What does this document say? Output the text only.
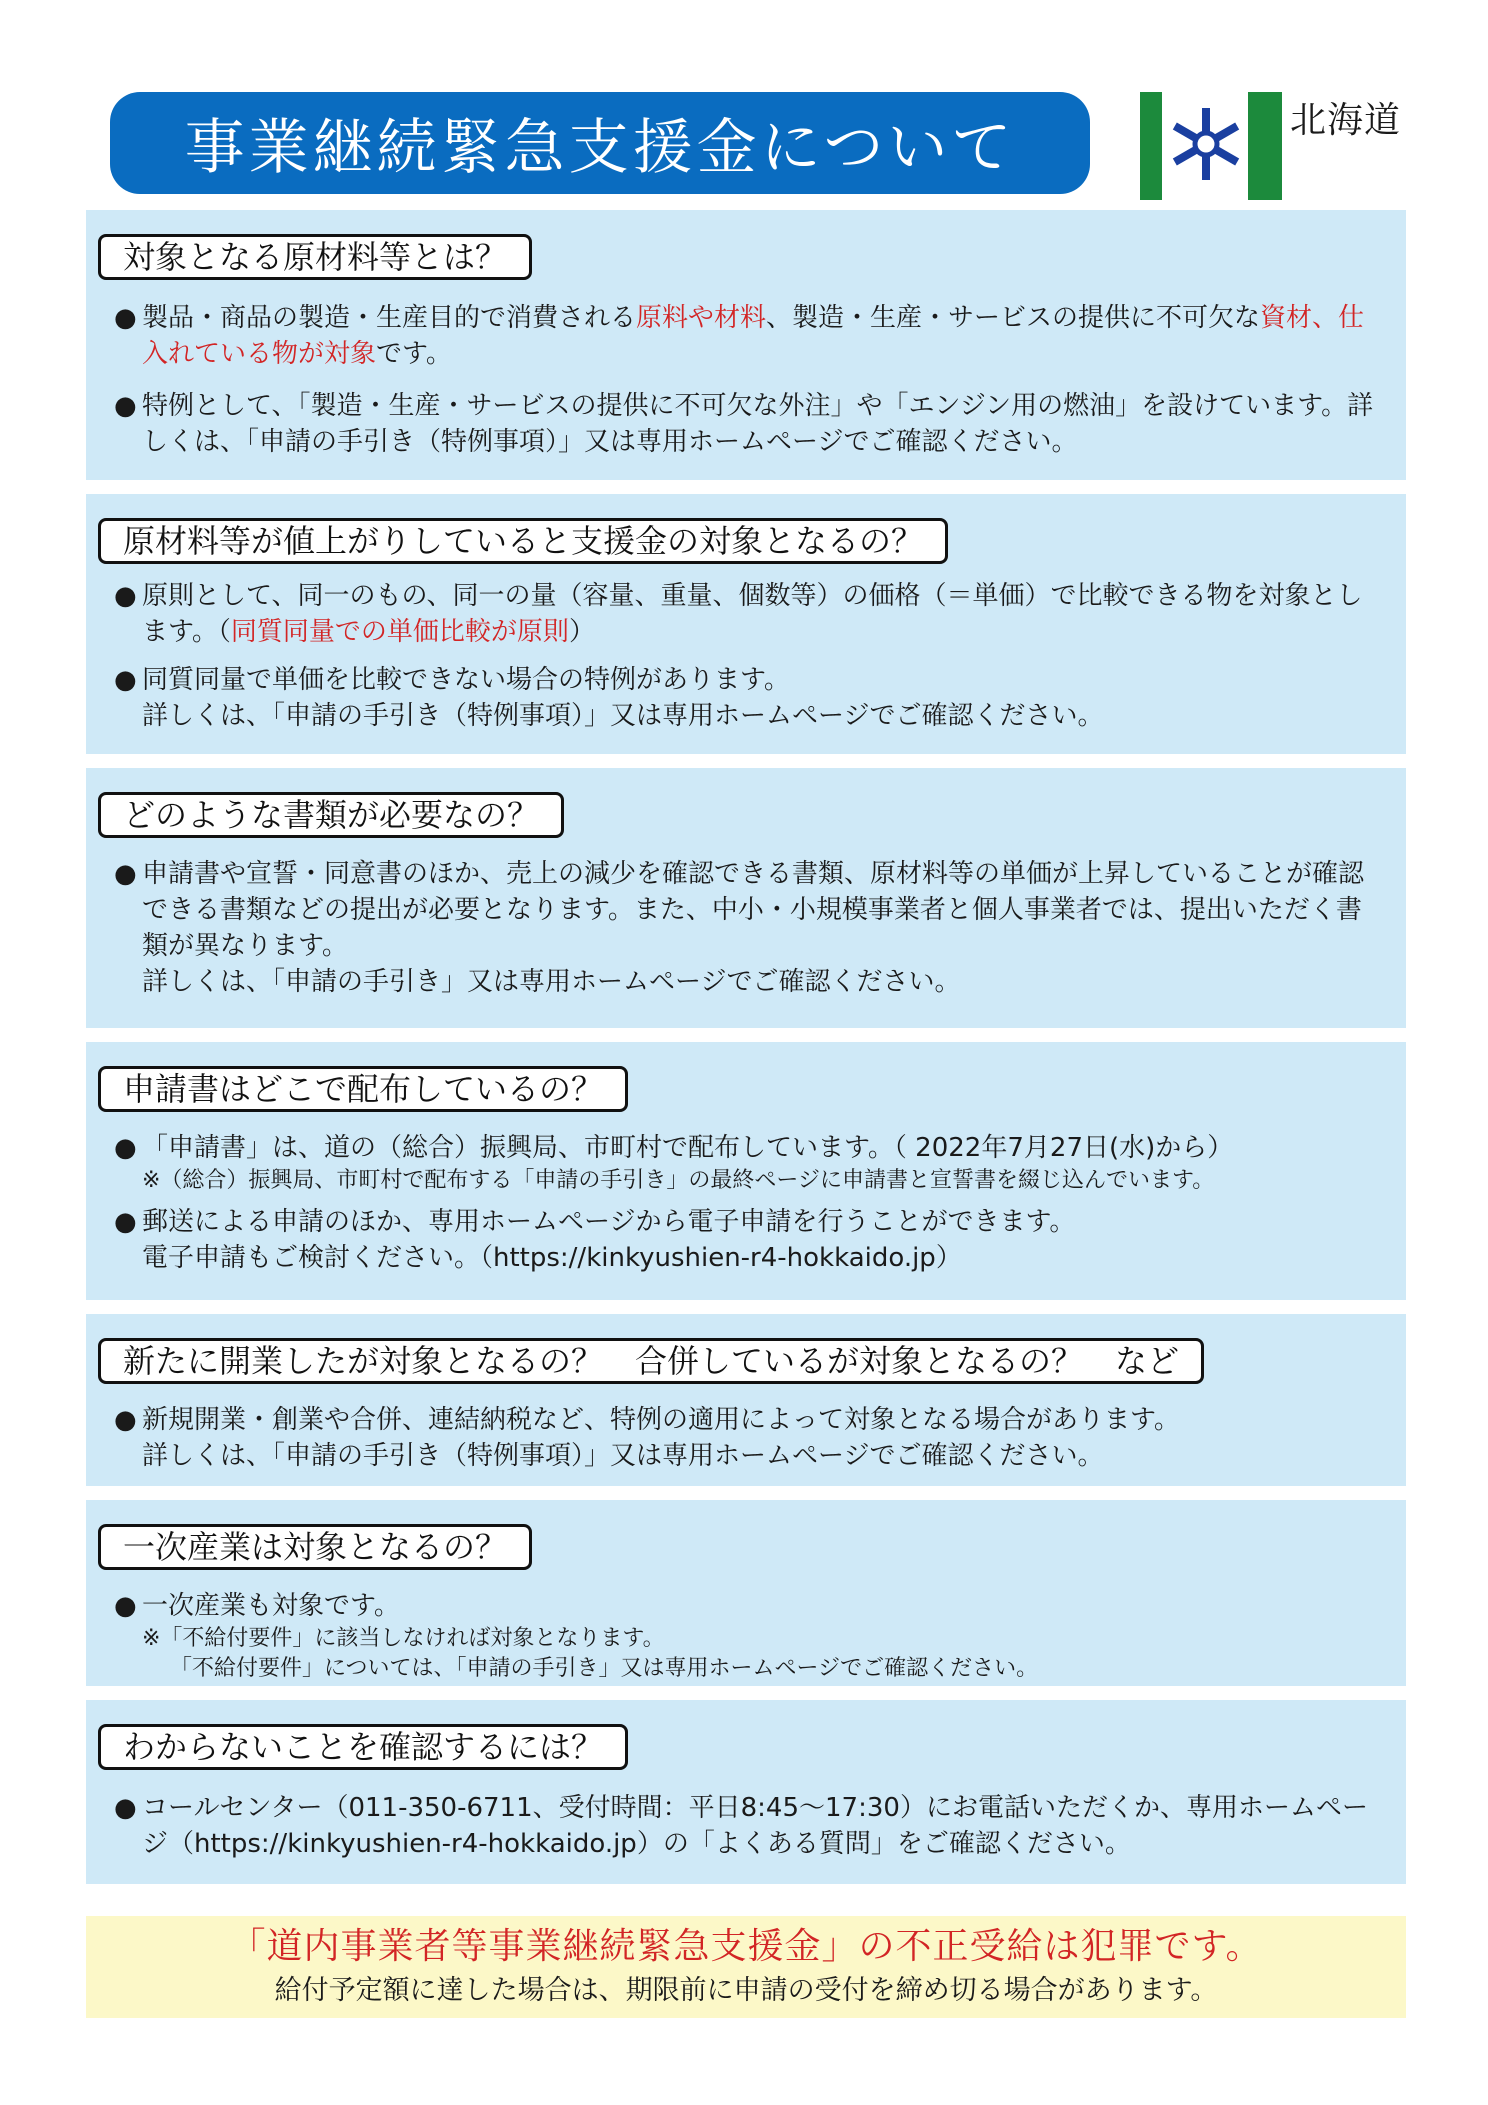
事業継続緊急支援金について	北海道
対象となる原材料等とは？

● 製品・商品の製造・生産目的で消費される原料や材料、製造・生産・サービスの提供に不可欠な資材、仕入れている物が対象です。

● 特例として、「製造・生産・サービスの提供に不可欠な外注」や「エンジン用の燃油」を設けています。詳しくは、「申請の手引き（特例事項）」又は専用ホームページでご確認ください。

原材料等が値上がりしていると支援金の対象となるの？

● 原則として、同一のもの、同一の量（容量、重量、個数等）の価格（＝単価）で比較できる物を対象とします。（同質同量での単価比較が原則）

● 同質同量で単価を比較できない場合の特例があります。
詳しくは、「申請の手引き（特例事項）」又は専用ホームページでご確認ください。

どのような書類が必要なの？

● 申請書や宣誓・同意書のほか、売上の減少を確認できる書類、原材料等の単価が上昇していることが確認できる書類などの提出が必要となります。また、中小・小規模事業者と個人事業者では、提出いただく書類が異なります。
詳しくは、「申請の手引き」又は専用ホームページでご確認ください。

申請書はどこで配布しているの？

● 「申請書」は、道の（総合）振興局、市町村で配布しています。（ 2022年7月27日(水)から）

※（総合）振興局、市町村で配布する「申請の手引き」の最終ページに申請書と宣誓書を綴じ込んでいます。

● 郵送による申請のほか、専用ホームページから電子申請を行うことができます。
電子申請もご検討ください。（https://kinkyushien-r4-hokkaido.jp）

新たに開業したが対象となるの？　合併しているが対象となるの？　など

● 新規開業・創業や合併、連結納税など、特例の適用によって対象となる場合があります。
詳しくは、「申請の手引き（特例事項）」又は専用ホームページでご確認ください。

一次産業は対象となるの？

● 一次産業も対象です。

※「不給付要件」に該当しなければ対象となります。

「不給付要件」については、「申請の手引き」又は専用ホームページでご確認ください。

わからないことを確認するには？

● コールセンター（011-350-6711、受付時間：平日8:45～17:30）にお電話いただくか、専用ホームページ（https://kinkyushien-r4-hokkaido.jp）の「よくある質問」をご確認ください。

「道内事業者等事業継続緊急支援金」の不正受給は犯罪です。
給付予定額に達した場合は、期限前に申請の受付を締め切る場合があります。
